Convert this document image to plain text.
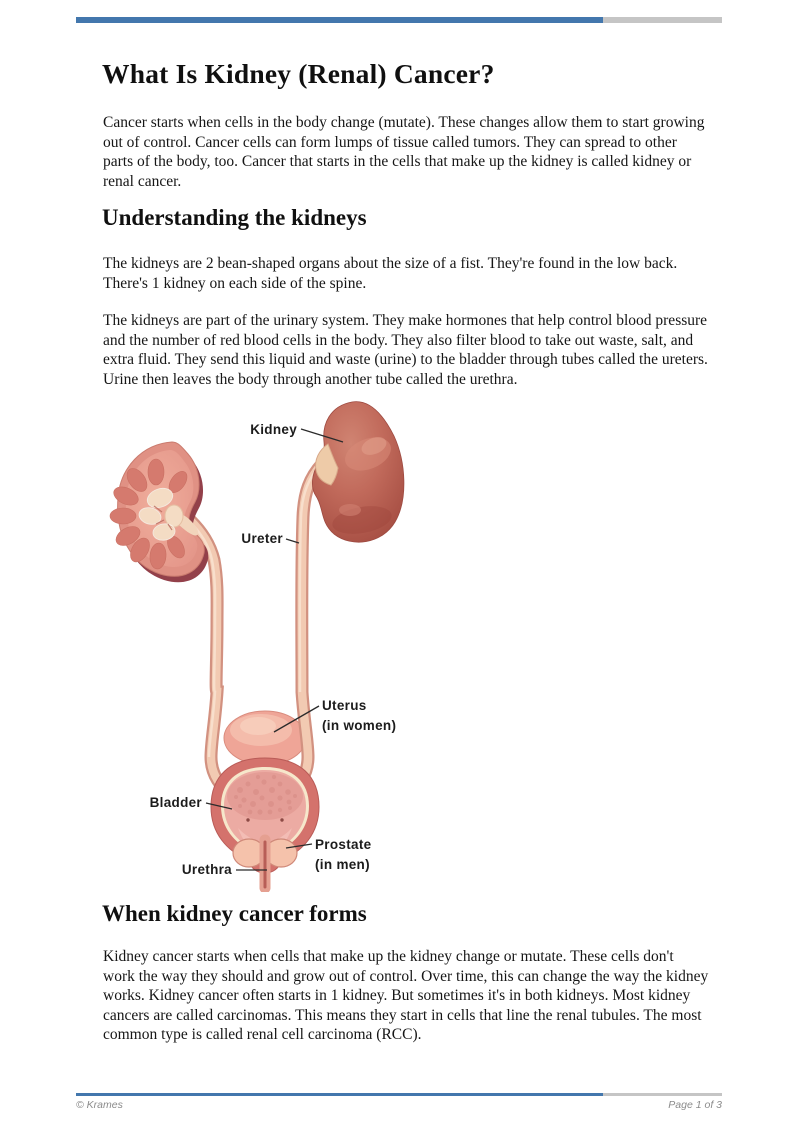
What Is Kidney (Renal) Cancer?

Cancer starts when cells in the body change (mutate). These changes allow them to start growing out of control. Cancer cells can form lumps of tissue called tumors. They can spread to other parts of the body, too. Cancer that starts in the cells that make up the kidney is called kidney or renal cancer.

Understanding the kidneys

The kidneys are 2 bean-shaped organs about the size of a fist. They're found in the low back. There's 1 kidney on each side of the spine.

The kidneys are part of the urinary system. They make hormones that help control blood pressure and the number of red blood cells in the body. They also filter blood to take out waste, salt, and extra fluid. They send this liquid and waste (urine) to the bladder through tubes called the ureters. Urine then leaves the body through another tube called the urethra.

Kidney
Ureter
Uterus
(in women)
Bladder
Prostate
(in men)
Urethra
When kidney cancer forms

Kidney cancer starts when cells that make up the kidney change or mutate. These cells don't work the way they should and grow out of control. Over time, this can change the way the kidney works. Kidney cancer often starts in 1 kidney. But sometimes it's in both kidneys. Most kidney cancers are called carcinomas. This means they start in cells that line the renal tubules. The most common type is called renal cell carcinoma (RCC).

© Krames	Page 1 of 3
